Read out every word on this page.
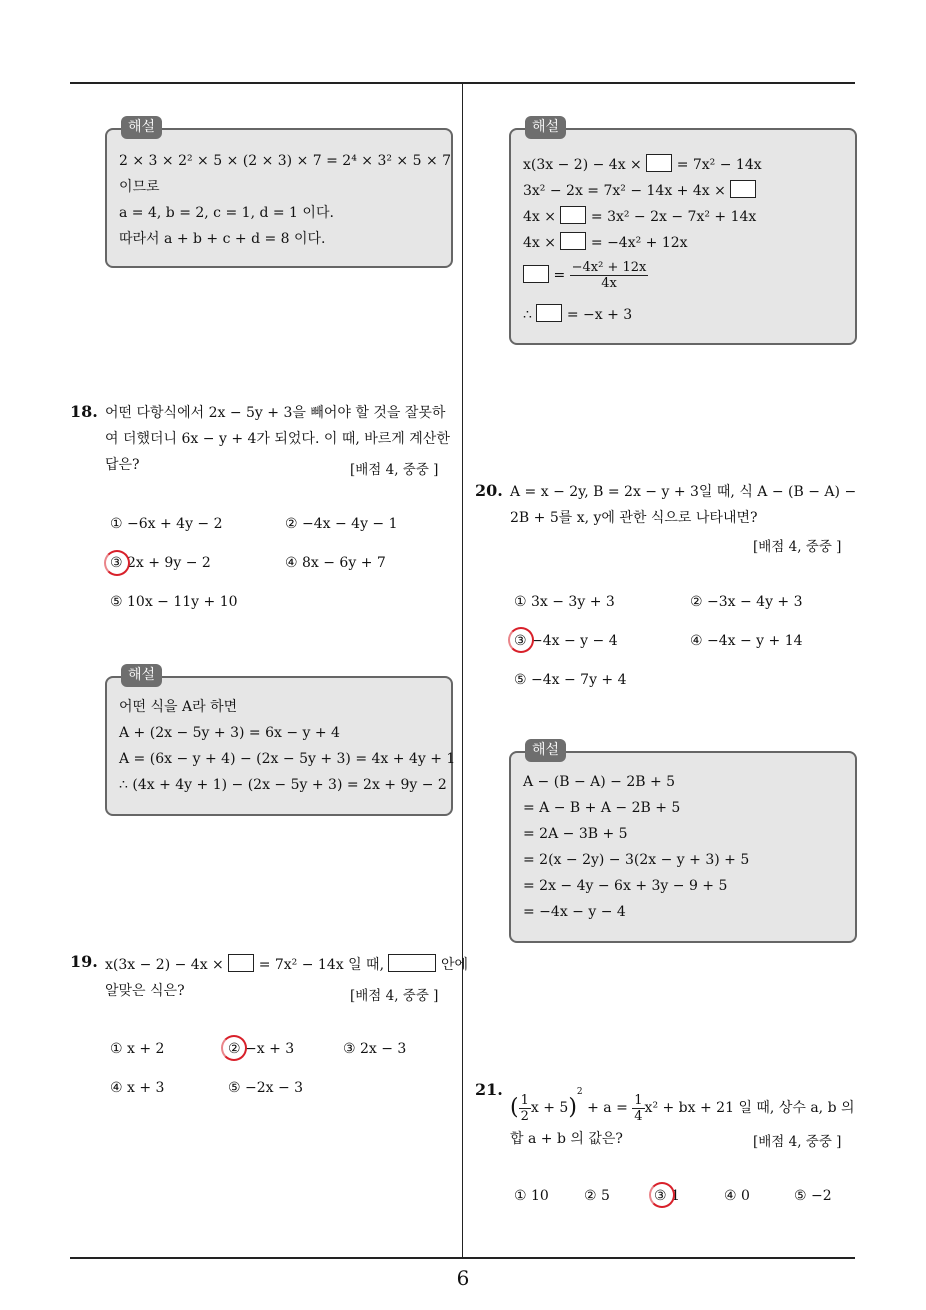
해설
2 × 3 × 2² × 5 × (2 × 3) × 7 = 2⁴ × 3² × 5 × 7
이므로
a = 4, b = 2, c = 1, d = 1 이다.
따라서 a + b + c + d = 8 이다.
18. 어떤 다항식에서 2x − 5y + 3을 빼어야 할 것을 잘못하
여 더했더니 6x − y + 4가 되었다. 이 때, 바르게 계산한
답은?	[배점 4, 중중 ]
① −6x + 4y − 2	② −4x − 4y − 1
③ 2x + 9y − 2	④ 8x − 6y + 7
⑤ 10x − 11y + 10
해설
어떤 식을 A라 하면
A + (2x − 5y + 3) = 6x − y + 4
A = (6x − y + 4) − (2x − 5y + 3) = 4x + 4y + 1
∴ (4x + 4y + 1) − (2x − 5y + 3) = 2x + 9y − 2
19. x(3x − 2) − 4x × = 7x² − 14x 일 때,	안에
알맞은 식은?	[배점 4, 중중 ]
① x + 2	② −x + 3	③ 2x − 3
④ x + 3	⑤ −2x − 3
해설
x(3x − 2) − 4x × = 7x² − 14x
3x² − 2x = 7x² − 14x + 4x ×
4x × = 3x² − 2x − 7x² + 14x
4x × = −4x² + 12x
= $\frac{\text{−4x² + 12x}}{4x}$
∴ = −x + 3
20. A = x − 2y, B = 2x − y + 3일 때, 식 A − (B − A) −
2B + 5를 x, y에 관한 식으로 나타내면?
[배점 4, 중중 ]
① 3x − 3y + 3	② −3x − 4y + 3
③ −4x − y − 4	④ −4x − y + 14
⑤ −4x − 7y + 4
해설
A − (B − A) − 2B + 5
= A − B + A − 2B + 5
= 2A − 3B + 5
= 2(x − 2y) − 3(2x − y + 3) + 5
= 2x − 4y − 6x + 3y − 9 + 5
= −4x − y − 4
21.
( $\frac{1}{2}$ $x + 5)^2 + a = \frac{1}{4} x^2$ + bx + 21 일 때, 상수 a, b 의
합 a + b 의 값은?	[배점 4, 중중 ]
① 10	② 5	③ 1	④ 0	⑤ −2
6
